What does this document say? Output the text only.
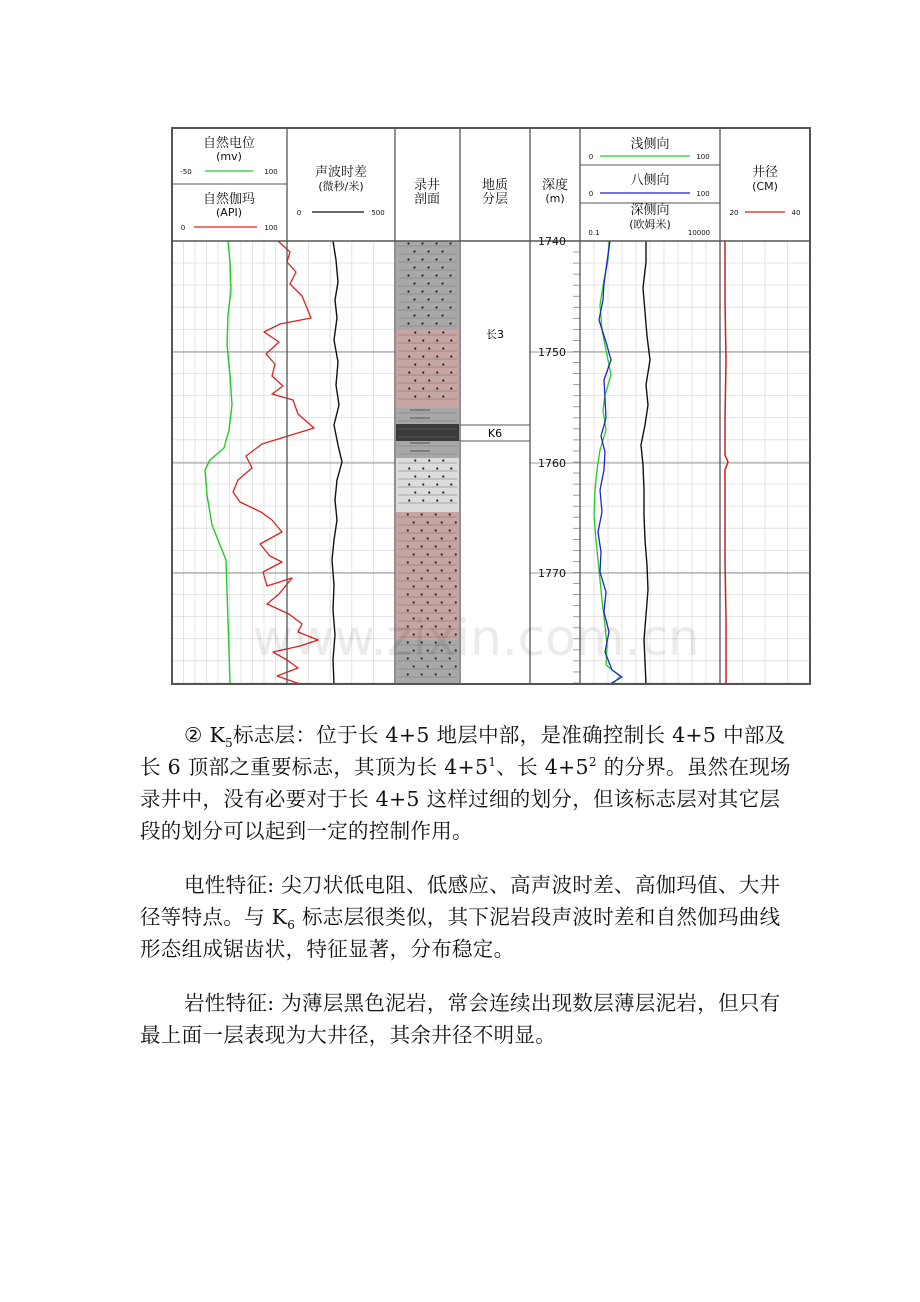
自然电位
(mv)
-50	100
自然伽玛
(API)
0	100
声波时差
(微秒/米)
0	500
录井
剖面
地质
分层
深度
(m)
浅侧向
0	100
八侧向
0	100
深侧向
(欧姆米)
0.1	10000
井径
(CM)
20	40
1740
1750
1760
1770
长3
K6
www.zixin.com.cn

② $K_5$标志层：位于长 4+5 地层中部，是准确控制长 4+5 中部及长 6 顶部之重要标志，其顶为长 $4+5^1$、长 $4+5^2$ 的分界。虽然在现场录井中，没有必要对于长 4+5 这样过细的划分，但该标志层对其它层段的划分可以起到一定的控制作用。

电性特征: 尖刀状低电阻、低感应、高声波时差、高伽玛值、大井径等特点。与 $K_6$ 标志层很类似，其下泥岩段声波时差和自然伽玛曲线形态组成锯齿状，特征显著，分布稳定。

岩性特征: 为薄层黑色泥岩，常会连续出现数层薄层泥岩，但只有最上面一层表现为大井径，其余井径不明显。
